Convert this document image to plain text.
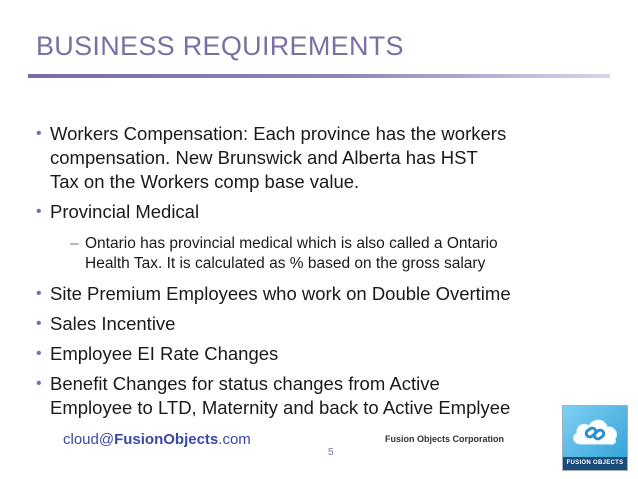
BUSINESS REQUIREMENTS
• Workers Compensation: Each province has the workers
compensation. New Brunswick and Alberta has HST
Tax on the Workers comp base value.
• Provincial Medical
– Ontario has provincial medical which is also called a Ontario
Health Tax. It is calculated as % based on the gross salary
• Site Premium Employees who work on Double Overtime
• Sales Incentive
• Employee EI Rate Changes
• Benefit Changes for status changes from Active
Employee to LTD, Maternity and back to Active Emplyee
cloud@FusionObjects.com	Fusion Objects Corporation
5
FUSION OBJECTS
